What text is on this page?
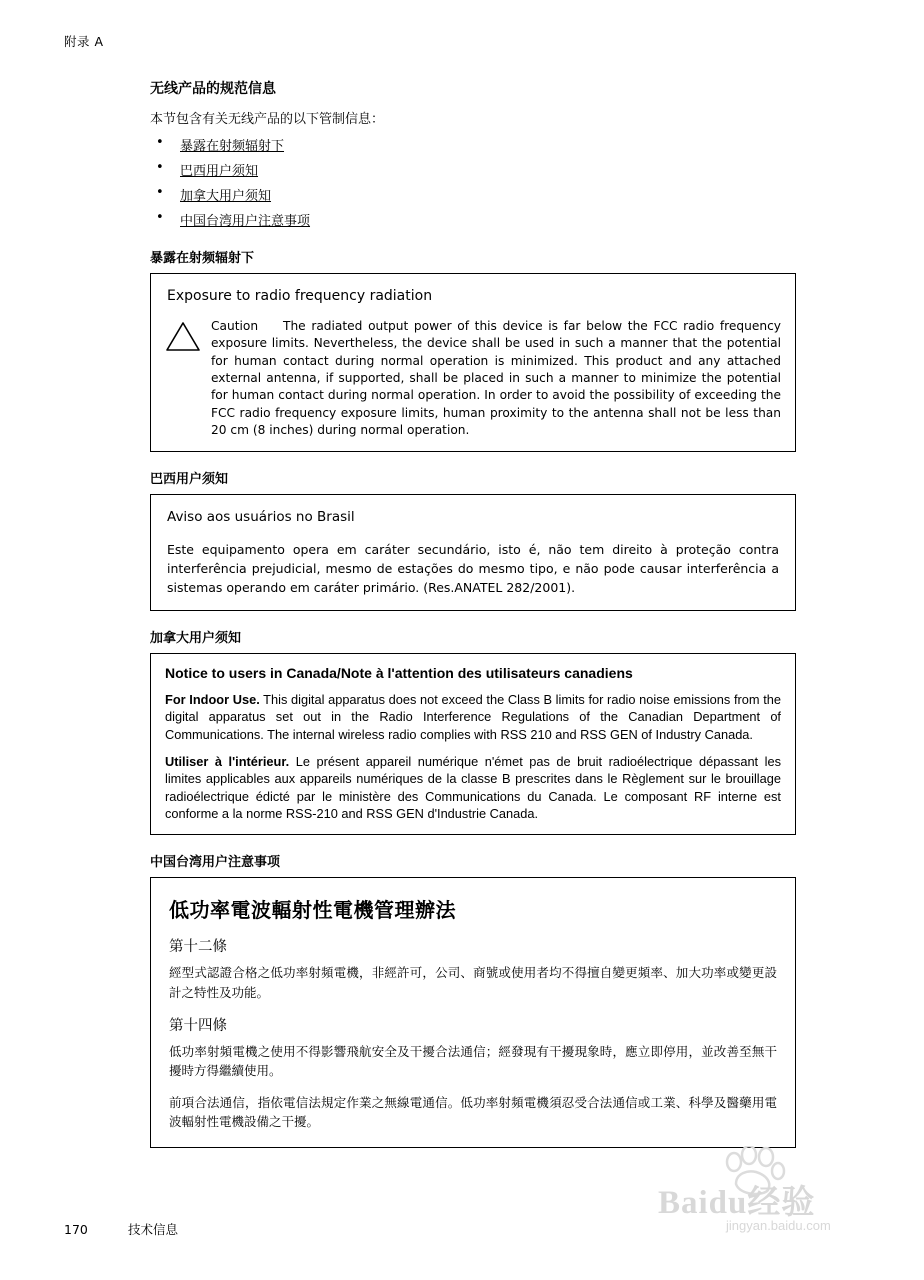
附录 A
无线产品的规范信息

本节包含有关无线产品的以下管制信息：

• 暴露在射频辐射下
• 巴西用户须知
• 加拿大用户须知
• 中国台湾用户注意事项
暴露在射频辐射下
Exposure to radio frequency radiation
Caution The radiated output power of this device is far below the FCC radio frequency exposure limits. Nevertheless, the device shall be used in such a manner that the potential for human contact during normal operation is minimized. This product and any attached external antenna, if supported, shall be placed in such a manner to minimize the potential for human contact during normal operation. In order to avoid the possibility of exceeding the FCC radio frequency exposure limits, human proximity to the antenna shall not be less than 20 cm (8 inches) during normal operation.
巴西用户须知
Aviso aos usuários no Brasil
Este equipamento opera em caráter secundário, isto é, não tem direito à proteção contra interferência prejudicial, mesmo de estações do mesmo tipo, e não pode causar interferência a sistemas operando em caráter primário. (Res.ANATEL 282/2001).
加拿大用户须知
Notice to users in Canada/Note à l'attention des utilisateurs canadiens
For Indoor Use. This digital apparatus does not exceed the Class B limits for radio noise emissions from the digital apparatus set out in the Radio Interference Regulations of the Canadian Department of Communications. The internal wireless radio complies with RSS 210 and RSS GEN of Industry Canada.
Utiliser à l'intérieur. Le présent appareil numérique n'émet pas de bruit radioélectrique dépassant les limites applicables aux appareils numériques de la classe B prescrites dans le Règlement sur le brouillage radioélectrique édicté par le ministère des Communications du Canada. Le composant RF interne est conforme a la norme RSS-210 and RSS GEN d'Industrie Canada.
中国台湾用户注意事项
低功率電波輻射性電機管理辦法
第十二條
經型式認證合格之低功率射頻電機，非經許可，公司、商號或使用者均不得擅自變更頻率、加大功率或變更設計之特性及功能。
第十四條
低功率射頻電機之使用不得影響飛航安全及干擾合法通信；經發現有干擾現象時，應立即停用，並改善至無干擾時方得繼續使用。
前項合法通信，指依電信法規定作業之無線電通信。低功率射頻電機須忍受合法通信或工業、科學及醫藥用電波輻射性電機設備之干擾。
170	技术信息
Baidu经验
jingyan.baidu.com
